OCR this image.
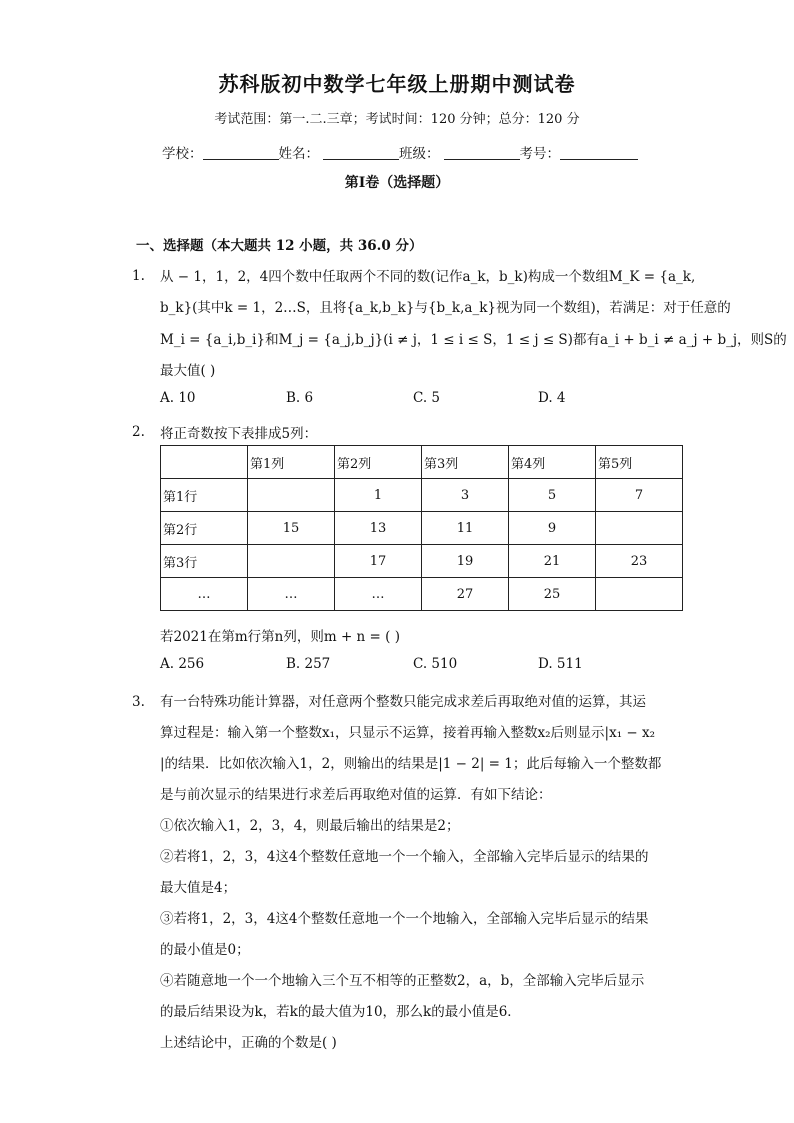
苏科版初中数学七年级上册期中测试卷
考试范围：第一.二.三章；考试时间：120 分钟；总分：120 分
学校：	姓名：	班级：	考号：
第Ⅰ卷（选择题）
一、选择题（本大题共 12 小题，共 36.0 分）
1. 从 − 1，1，2，4四个数中任取两个不同的数(记作a_k，b_k)构成一个数组M_K = {a_k,
b_k}(其中k = 1，2…S，且将{a_k,b_k}与{b_k,a_k}视为同一个数组)，若满足：对于任意的
M_i = {a_i,b_i}和M_j = {a_j,b_j}(i ≠ j，1 ≤ i ≤ S，1 ≤ j ≤ S)都有a_i + b_i ≠ a_j + b_j，则S的
最大值( )
A. 10	B. 6	C. 5	D. 4
2. 将正奇数按下表排成5列：
	第1列	第2列	第3列	第4列	第5列
第1行		1	3	5	7
第2行	15	13	11	9	
第3行		17	19	21	23
…	…	…	27	25	
若2021在第m行第n列，则m + n = ( )
A. 256	B. 257	C. 510	D. 511
3. 有一台特殊功能计算器，对任意两个整数只能完成求差后再取绝对值的运算，其运
算过程是：输入第一个整数x₁，只显示不运算，接着再输入整数x₂后则显示|x₁ − x₂
|的结果．比如依次输入1，2，则输出的结果是|1 − 2| = 1；此后每输入一个整数都
是与前次显示的结果进行求差后再取绝对值的运算．有如下结论：
①依次输入1，2，3，4，则最后输出的结果是2；
②若将1，2，3，4这4个整数任意地一个一个输入，全部输入完毕后显示的结果的
最大值是4；
③若将1，2，3，4这4个整数任意地一个一个地输入，全部输入完毕后显示的结果
的最小值是0；
④若随意地一个一个地输入三个互不相等的正整数2，a，b，全部输入完毕后显示
的最后结果设为k，若k的最大值为10，那么k的最小值是6．
上述结论中，正确的个数是( )
